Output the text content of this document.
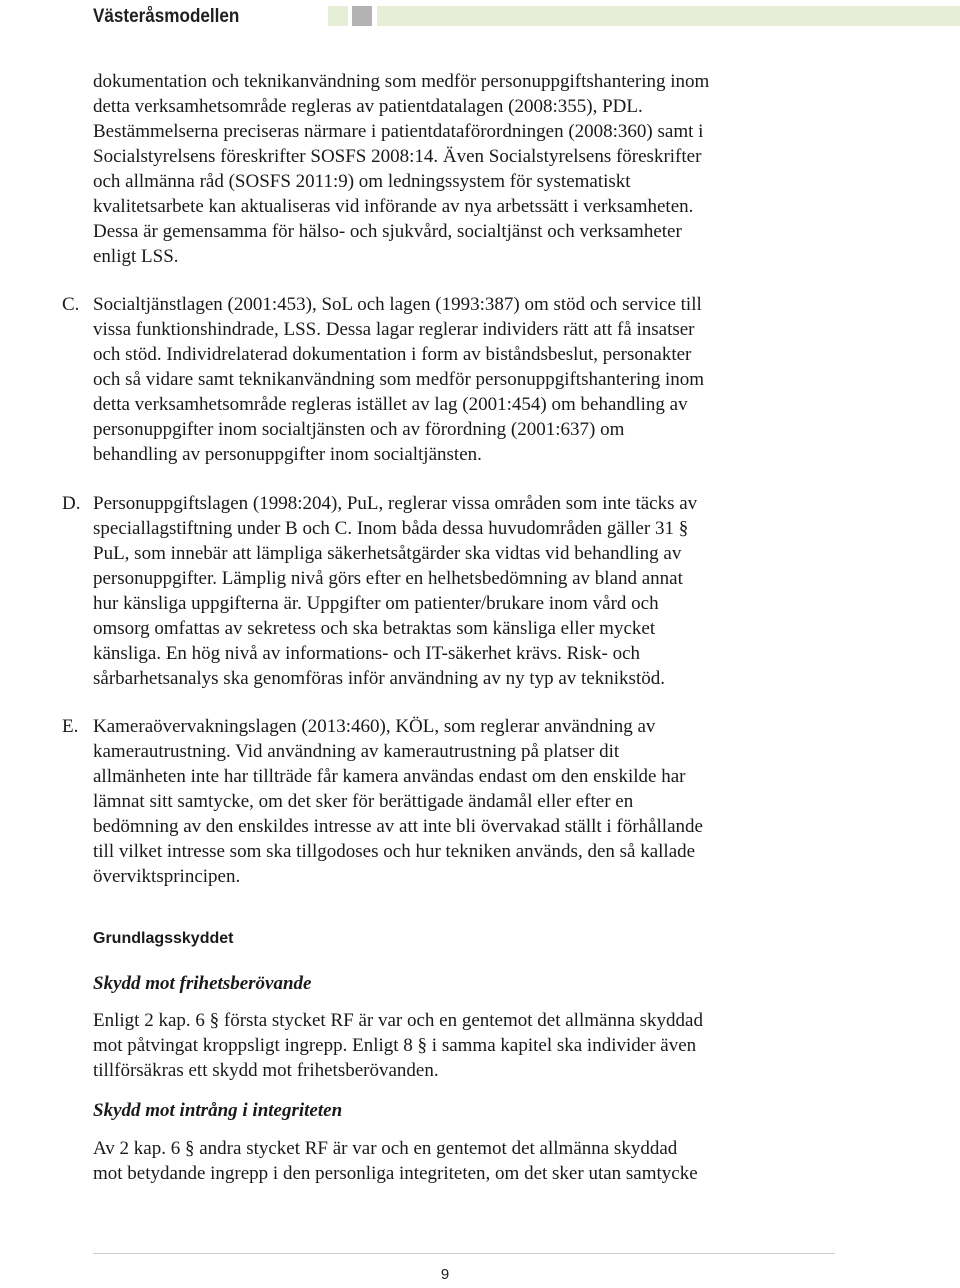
Västeråsmodellen

dokumentation och teknikanvändning som medför personuppgiftshantering inom
detta verksamhetsområde regleras av patientdatalagen (2008:355), PDL.
Bestämmelserna preciseras närmare i patientdataförordningen (2008:360) samt i
Socialstyrelsens föreskrifter SOSFS 2008:14. Även Socialstyrelsens föreskrifter
och allmänna råd (SOSFS 2011:9) om ledningssystem för systematiskt
kvalitetsarbete kan aktualiseras vid införande av nya arbetssätt i verksamheten.
Dessa är gemensamma för hälso- och sjukvård, socialtjänst och verksamheter
enligt LSS.

C. Socialtjänstlagen (2001:453), SoL och lagen (1993:387) om stöd och service till
vissa funktionshindrade, LSS. Dessa lagar reglerar individers rätt att få insatser
och stöd. Individrelaterad dokumentation i form av biståndsbeslut, personakter
och så vidare samt teknikanvändning som medför personuppgiftshantering inom
detta verksamhetsområde regleras istället av lag (2001:454) om behandling av
personuppgifter inom socialtjänsten och av förordning (2001:637) om
behandling av personuppgifter inom socialtjänsten.

D. Personuppgiftslagen (1998:204), PuL, reglerar vissa områden som inte täcks av
speciallagstiftning under B och C. Inom båda dessa huvudområden gäller 31 §
PuL, som innebär att lämpliga säkerhetsåtgärder ska vidtas vid behandling av
personuppgifter. Lämplig nivå görs efter en helhetsbedömning av bland annat
hur känsliga uppgifterna är. Uppgifter om patienter/brukare inom vård och
omsorg omfattas av sekretess och ska betraktas som känsliga eller mycket
känsliga. En hög nivå av informations- och IT-säkerhet krävs. Risk- och
sårbarhetsanalys ska genomföras inför användning av ny typ av teknikstöd.

E. Kameraövervakningslagen (2013:460), KÖL, som reglerar användning av
kamerautrustning. Vid användning av kamerautrustning på platser dit
allmänheten inte har tillträde får kamera användas endast om den enskilde har
lämnat sitt samtycke, om det sker för berättigade ändamål eller efter en
bedömning av den enskildes intresse av att inte bli övervakad ställt i förhållande
till vilket intresse som ska tillgodoses och hur tekniken används, den så kallade
överviktsprincipen.

Grundlagsskyddet
Skydd mot frihetsberövande

Enligt 2 kap. 6 § första stycket RF är var och en gentemot det allmänna skyddad
mot påtvingat kroppsligt ingrepp. Enligt 8 § i samma kapitel ska individer även
tillförsäkras ett skydd mot frihetsberövanden.

Skydd mot intrång i integriteten

Av 2 kap. 6 § andra stycket RF är var och en gentemot det allmänna skyddad
mot betydande ingrepp i den personliga integriteten, om det sker utan samtycke

9
